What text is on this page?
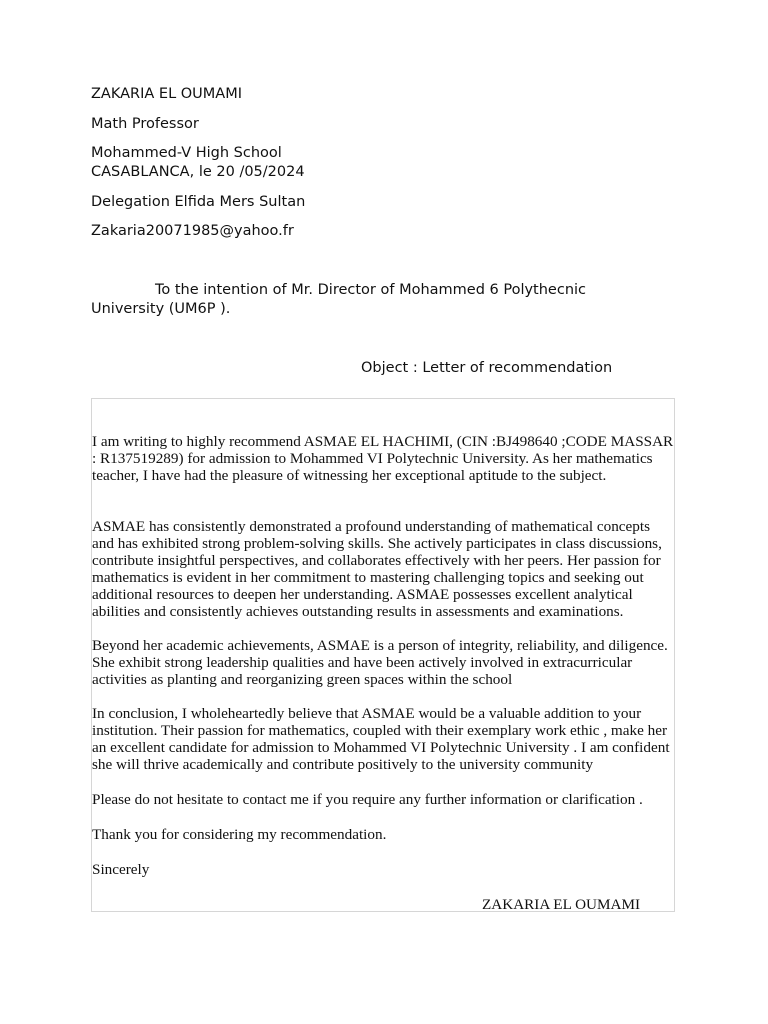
ZAKARIA EL OUMAMI
Math Professor
Mohammed-V High School
CASABLANCA, le 20 /05/2024
Delegation Elfida Mers Sultan
Zakaria20071985@yahoo.fr
To the intention of Mr. Director of Mohammed 6 Polythecnic University (UM6P ).
Object : Letter of recommendation

I am writing to highly recommend ASMAE EL HACHIMI, (CIN :BJ498640 ;CODE MASSAR : R137519289) for admission to Mohammed VI Polytechnic University. As her mathematics teacher, I have had the pleasure of witnessing her exceptional aptitude to the subject.

ASMAE has consistently demonstrated a profound understanding of mathematical concepts and has exhibited strong problem-solving skills. She actively participates in class discussions, contribute insightful perspectives, and collaborates effectively with her peers. Her passion for mathematics is evident in her commitment to mastering challenging topics and seeking out additional resources to deepen her understanding. ASMAE possesses excellent analytical abilities and consistently achieves outstanding results in assessments and examinations.

Beyond her academic achievements, ASMAE is a person of integrity, reliability, and diligence. She exhibit strong leadership qualities and have been actively involved in extracurricular activities as planting and reorganizing green spaces within the school

In conclusion, I wholeheartedly believe that ASMAE would be a valuable addition to your institution. Their passion for mathematics, coupled with their exemplary work ethic , make her an excellent candidate for admission to Mohammed VI Polytechnic University . I am confident she will thrive academically and contribute positively to the university community

Please do not hesitate to contact me if you require any further information or clarification .

Thank you for considering my recommendation.

Sincerely

ZAKARIA EL OUMAMI
